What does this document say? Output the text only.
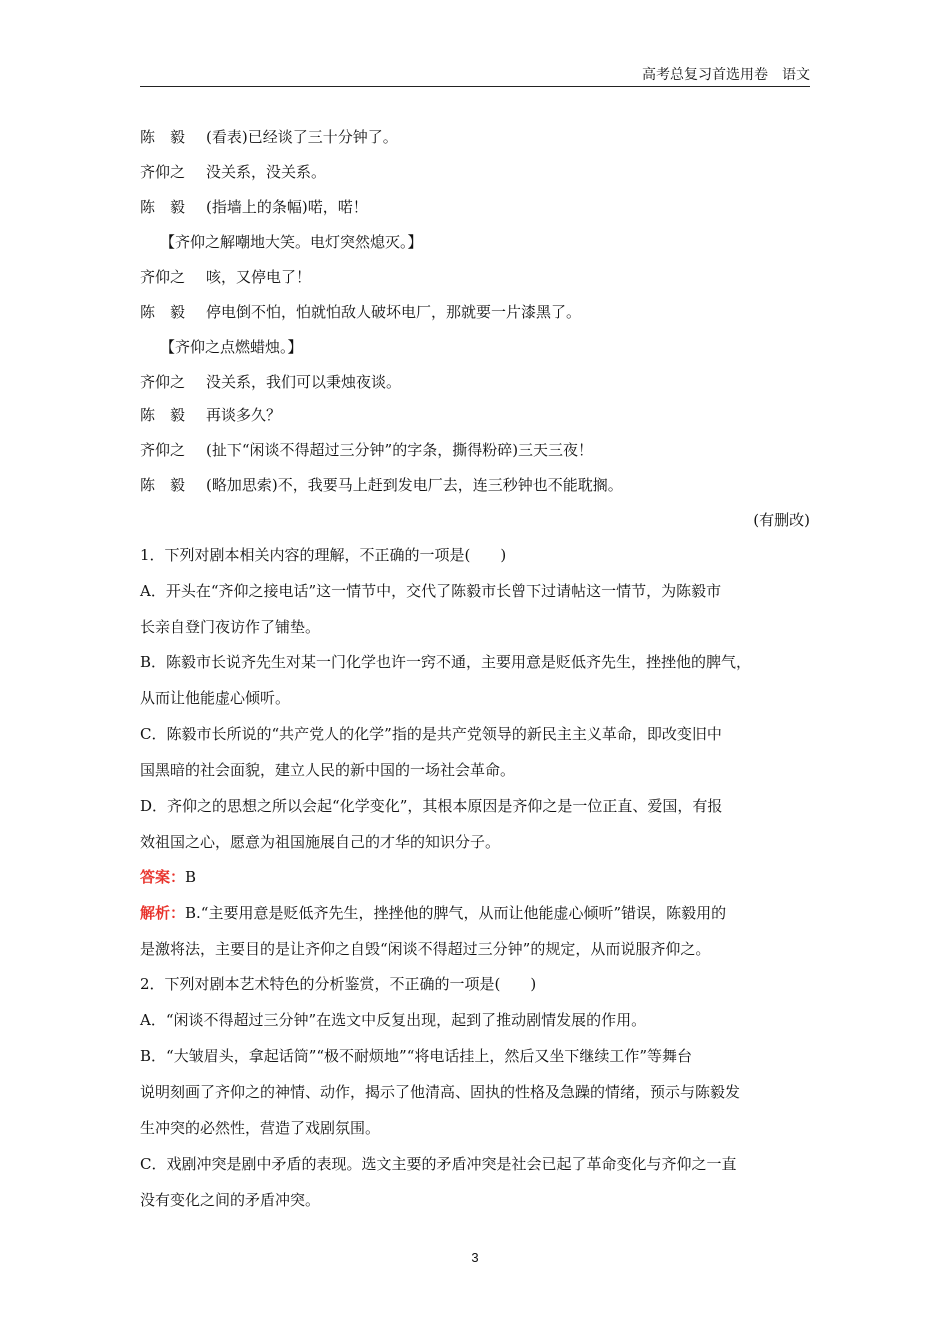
高考总复习首选用卷　语文
陈　毅 (看表)已经谈了三十分钟了。
齐仰之 没关系，没关系。
陈　毅 (指墙上的条幅)喏，喏！
【齐仰之解嘲地大笑。电灯突然熄灭。】
齐仰之 咳，又停电了！
陈　毅 停电倒不怕，怕就怕敌人破坏电厂，那就要一片漆黑了。
【齐仰之点燃蜡烛。】
齐仰之 没关系，我们可以秉烛夜谈。
陈　毅 再谈多久？
齐仰之 (扯下“闲谈不得超过三分钟”的字条，撕得粉碎)三天三夜！
陈　毅 (略加思索)不，我要马上赶到发电厂去，连三秒钟也不能耽搁。
(有删改)
1．下列对剧本相关内容的理解，不正确的一项是(　　)
A．开头在“齐仰之接电话”这一情节中，交代了陈毅市长曾下过请帖这一情节，为陈毅市
长亲自登门夜访作了铺垫。
B．陈毅市长说齐先生对某一门化学也许一窍不通，主要用意是贬低齐先生，挫挫他的脾气，
从而让他能虚心倾听。
C．陈毅市长所说的“共产党人的化学”指的是共产党领导的新民主主义革命，即改变旧中
国黑暗的社会面貌，建立人民的新中国的一场社会革命。
D．齐仰之的思想之所以会起“化学变化”，其根本原因是齐仰之是一位正直、爱国，有报
效祖国之心，愿意为祖国施展自己的才华的知识分子。
答案：B
解析：B.“主要用意是贬低齐先生，挫挫他的脾气，从而让他能虚心倾听”错误，陈毅用的
是激将法，主要目的是让齐仰之自毁“闲谈不得超过三分钟”的规定，从而说服齐仰之。
2．下列对剧本艺术特色的分析鉴赏，不正确的一项是(　　)
A．“闲谈不得超过三分钟”在选文中反复出现，起到了推动剧情发展的作用。
B．“大皱眉头，拿起话筒”“极不耐烦地”“将电话挂上，然后又坐下继续工作”等舞台
说明刻画了齐仰之的神情、动作，揭示了他清高、固执的性格及急躁的情绪，预示与陈毅发
生冲突的必然性，营造了戏剧氛围。
C．戏剧冲突是剧中矛盾的表现。选文主要的矛盾冲突是社会已起了革命变化与齐仰之一直
没有变化之间的矛盾冲突。
3
